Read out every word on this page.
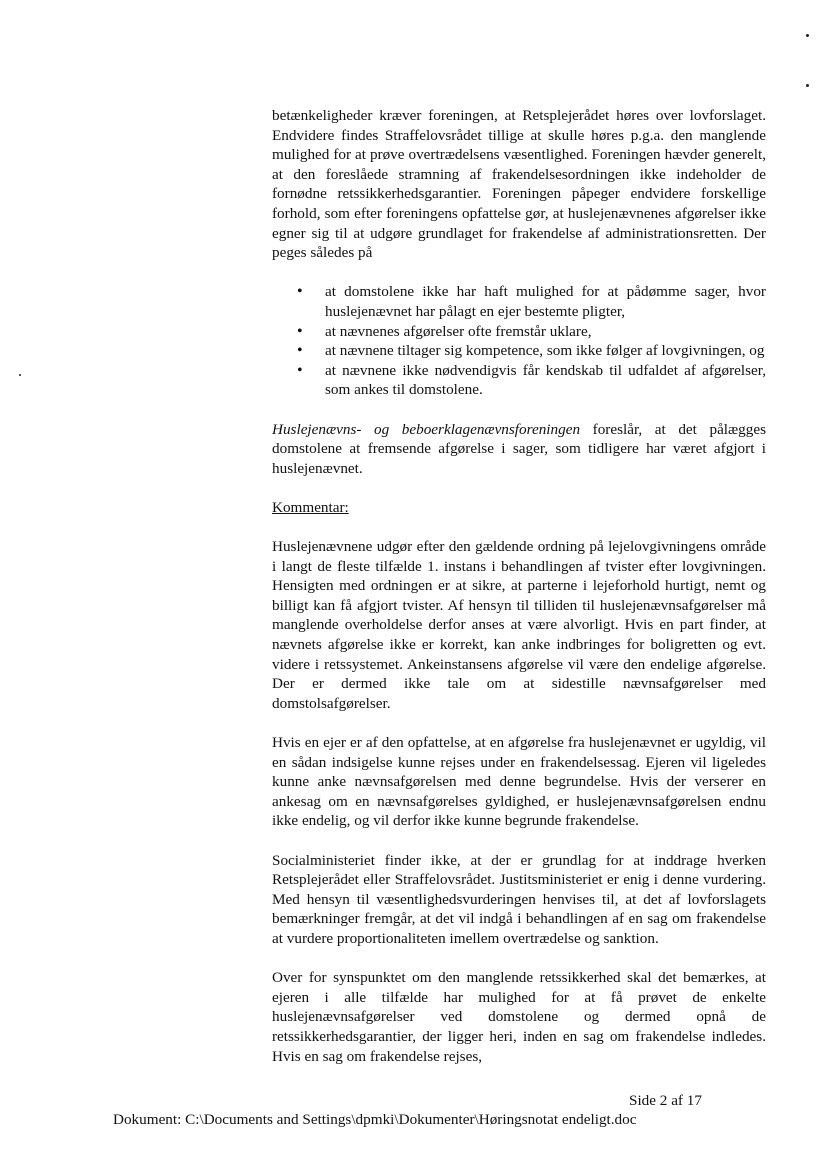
betænkeligheder kræver foreningen, at Retsplejerådet høres over lovforslaget. Endvidere findes Straffelovsrådet tillige at skulle høres p.g.a. den manglende mulighed for at prøve overtrædelsens væsentlighed. Foreningen hævder generelt, at den foreslåede stramning af frakendelsesordningen ikke indeholder de fornødne retssikkerhedsgarantier. Foreningen påpeger endvidere forskellige forhold, som efter foreningens opfattelse gør, at huslejenævnenes afgørelser ikke egner sig til at udgøre grundlaget for frakendelse af administrationsretten. Der peges således på

• at domstolene ikke har haft mulighed for at pådømme sager, hvor huslejenævnet har pålagt en ejer bestemte pligter,
• at nævnenes afgørelser ofte fremstår uklare,
• at nævnene tiltager sig kompetence, som ikke følger af lovgivningen, og
• at nævnene ikke nødvendigvis får kendskab til udfaldet af afgørelser, som ankes til domstolene.

Huslejenævns- og beboerklagenævnsforeningen foreslår, at det pålægges domstolene at fremsende afgørelse i sager, som tidligere har været afgjort i huslejenævnet.

Kommentar:

Huslejenævnene udgør efter den gældende ordning på lejelovgivningens område i langt de fleste tilfælde 1. instans i behandlingen af tvister efter lovgivningen. Hensigten med ordningen er at sikre, at parterne i lejeforhold hurtigt, nemt og billigt kan få afgjort tvister. Af hensyn til tilliden til huslejenævnsafgørelser må manglende overholdelse derfor anses at være alvorligt. Hvis en part finder, at nævnets afgørelse ikke er korrekt, kan anke indbringes for boligretten og evt. videre i retssystemet. Ankeinstansens afgørelse vil være den endelige afgørelse. Der er dermed ikke tale om at sidestille nævnsafgørelser med domstolsafgørelser.

Hvis en ejer er af den opfattelse, at en afgørelse fra huslejenævnet er ugyldig, vil en sådan indsigelse kunne rejses under en frakendelsessag. Ejeren vil ligeledes kunne anke nævnsafgørelsen med denne begrundelse. Hvis der verserer en ankesag om en nævnsafgørelses gyldighed, er huslejenævnsafgørelsen endnu ikke endelig, og vil derfor ikke kunne begrunde frakendelse.

Socialministeriet finder ikke, at der er grundlag for at inddrage hverken Retsplejerådet eller Straffelovsrådet. Justitsministeriet er enig i denne vurdering. Med hensyn til væsentlighedsvurderingen henvises til, at det af lovforslagets bemærkninger fremgår, at det vil indgå i behandlingen af en sag om frakendelse at vurdere proportionaliteten imellem overtrædelse og sanktion.

Over for synspunktet om den manglende retssikkerhed skal det bemærkes, at ejeren i alle tilfælde har mulighed for at få prøvet de enkelte huslejenævnsafgørelser ved domstolene og dermed opnå de retssikkerhedsgarantier, der ligger heri, inden en sag om frakendelse indledes. Hvis en sag om frakendelse rejses,

Side 2 af 17
Dokument: C:\Documents and Settings\dpmki\Dokumenter\Høringsnotat endeligt.doc
